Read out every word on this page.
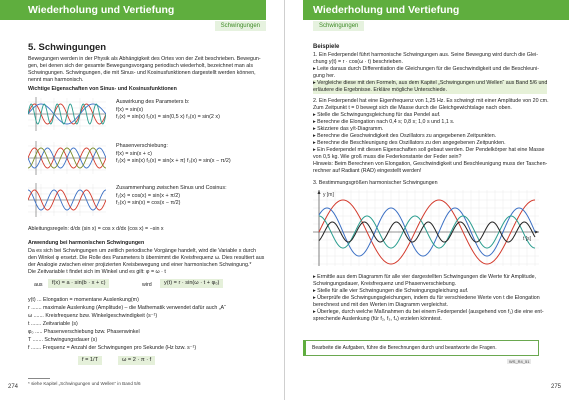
Wiederholung und Vertiefung
Schwingungen
5. Schwingungen
Bewegungen werden in der Physik als Abhängigkeit des Ortes von der Zeit beschrieben. Bewegun-
gen, bei denen sich der gesamte Bewegungsvorgang periodisch wiederholt, bezeichnet man als
Schwingungen. Schwingungen, die mit Sinus- und Kosinusfunktionen dargestellt werden können,
nennt man harmonisch.
Wichtige Eigenschaften von Sinus- und Kosinusfunktionen
Auswirkung des Parameters b:
f(x) = sin(x)
f₁(x) = sin(x) f₂(x) = sin(0,5 x) f₃(x) = sin(2 x)
Phasenverschiebung:
f(x) = sin(x + c)
f₁(x) = sin(x) f₂(x) = sin(x + π) f₃(x) = sin(x − π/2)
Zusammenhang zwischen Sinus und Cosinus:
f₁(x) = cos(x) = sin(x + π/2)
f₂(x) = sin(x) = cos(x − π/2)
Ableitungsregeln: d/dx (sin x) = cos x d/dx (cos x) = −sin x
Anwendung bei harmonischen Schwingungen
Da es sich bei Schwingungen um zeitlich periodische Vorgänge handelt, wird die Variable x durch
den Winkel φ ersetzt. Die Rolle des Parameters b übernimmt die Kreisfrequenz ω. Dies resultiert aus
der Analogie zwischen einer projizierten Kreisbewegung und einer harmonischen Schwingung.*
Die Zeitvariable t findet sich im Winkel und es gilt: φ = ω · t
aus	f(x) = a · sin(b · x + c)	wird	y(t) = r · sin(ω · t + φ₀)
y(t) ... Elongation = momentane Auslenkung(m)
r ....... maximale Auslenkung (Amplitude) – die Mathematik verwendet dafür auch „A“
ω ....... Kreisfrequenz bzw. Winkelgeschwindigkeit (s⁻¹)
t ....... Zeitvariable (s)
φ₀ ..... Phasenverschiebung bzw. Phasenwinkel
T ....... Schwingungsdauer (s)
f ....... Frequenz = Anzahl der Schwingungen pro Sekunde (Hz bzw. s⁻¹)
f = 1/T	ω = 2 · π · f
* siehe Kapitel „Schwingungen und Wellen“ in Band 5/6
274
Wiederholung und Vertiefung
Schwingungen
Beispiele
1. Ein Federpendel führt harmonische Schwingungen aus. Seine Bewegung wird durch die Glei-
chung y(t) = r · cos(ω · t) beschrieben.
▸ Leite daraus durch Differentiation die Gleichungen für die Geschwindigkeit und die Beschleuni-
gung her.
▸ Vergleiche diese mit den Formeln, aus dem Kapitel „Schwingungen und Wellen“ aus Band 5/6 und
erläutere die Ergebnisse. Erkläre mögliche Unterschiede.
2. Ein Federpendel hat eine Eigenfrequenz von 1,25 Hz. Es schwingt mit einer Amplitude von 20 cm.
Zum Zeitpunkt t = 0 bewegt sich die Masse durch die Gleichgewichtslage nach oben.
▸ Stelle die Schwingungsgleichung für das Pendel auf.
▸ Berechne die Elongation nach 0,4 s; 0,8 s; 1,0 s und 1,1 s.
▸ Skizziere das y/t-Diagramm.
▸ Berechne die Geschwindigkeit des Oszillators zu angegebenen Zeitpunkten.
▸ Berechne die Beschleunigung des Oszillators zu den angegebenen Zeitpunkten.
▸ Ein Federpendel mit diesen Eigenschaften soll gebaut werden. Der Pendelkörper hat eine Masse
von 0,5 kg. Wie groß muss die Federkonstante der Feder sein?
Hinweis: Beim Berechnen von Elongation, Geschwindigkeit und Beschleunigung muss der Taschen-
rechner auf Radiant (RAD) eingestellt werden!
3. Bestimmungsgrößen harmonischer Schwingungen
y [m]
t [s]
▸ Ermittle aus dem Diagramm für alle vier dargestellten Schwingungen die Werte für Amplitude,
Schwingungsdauer, Kreisfrequenz und Phasenverschiebung.
▸ Stelle für alle vier Schwingungen die Schwingungsgleichung auf.
▸ Überprüfe die Schwingungsgleichungen, indem du für verschiedene Werte von t die Elongation
berechnest und mit den Werten im Diagramm vergleichst.
▸ Überlege, durch welche Maßnahmen du bei einem Federpendel (ausgehend von f₁) die eine ent-
sprechende Auslenkung (für f₂, f₃, f₄) erzielen könntest.
Bearbeite die Aufgaben, führe die Berechnungen durch und beantworte die Fragen.
WS_R4_51
275
